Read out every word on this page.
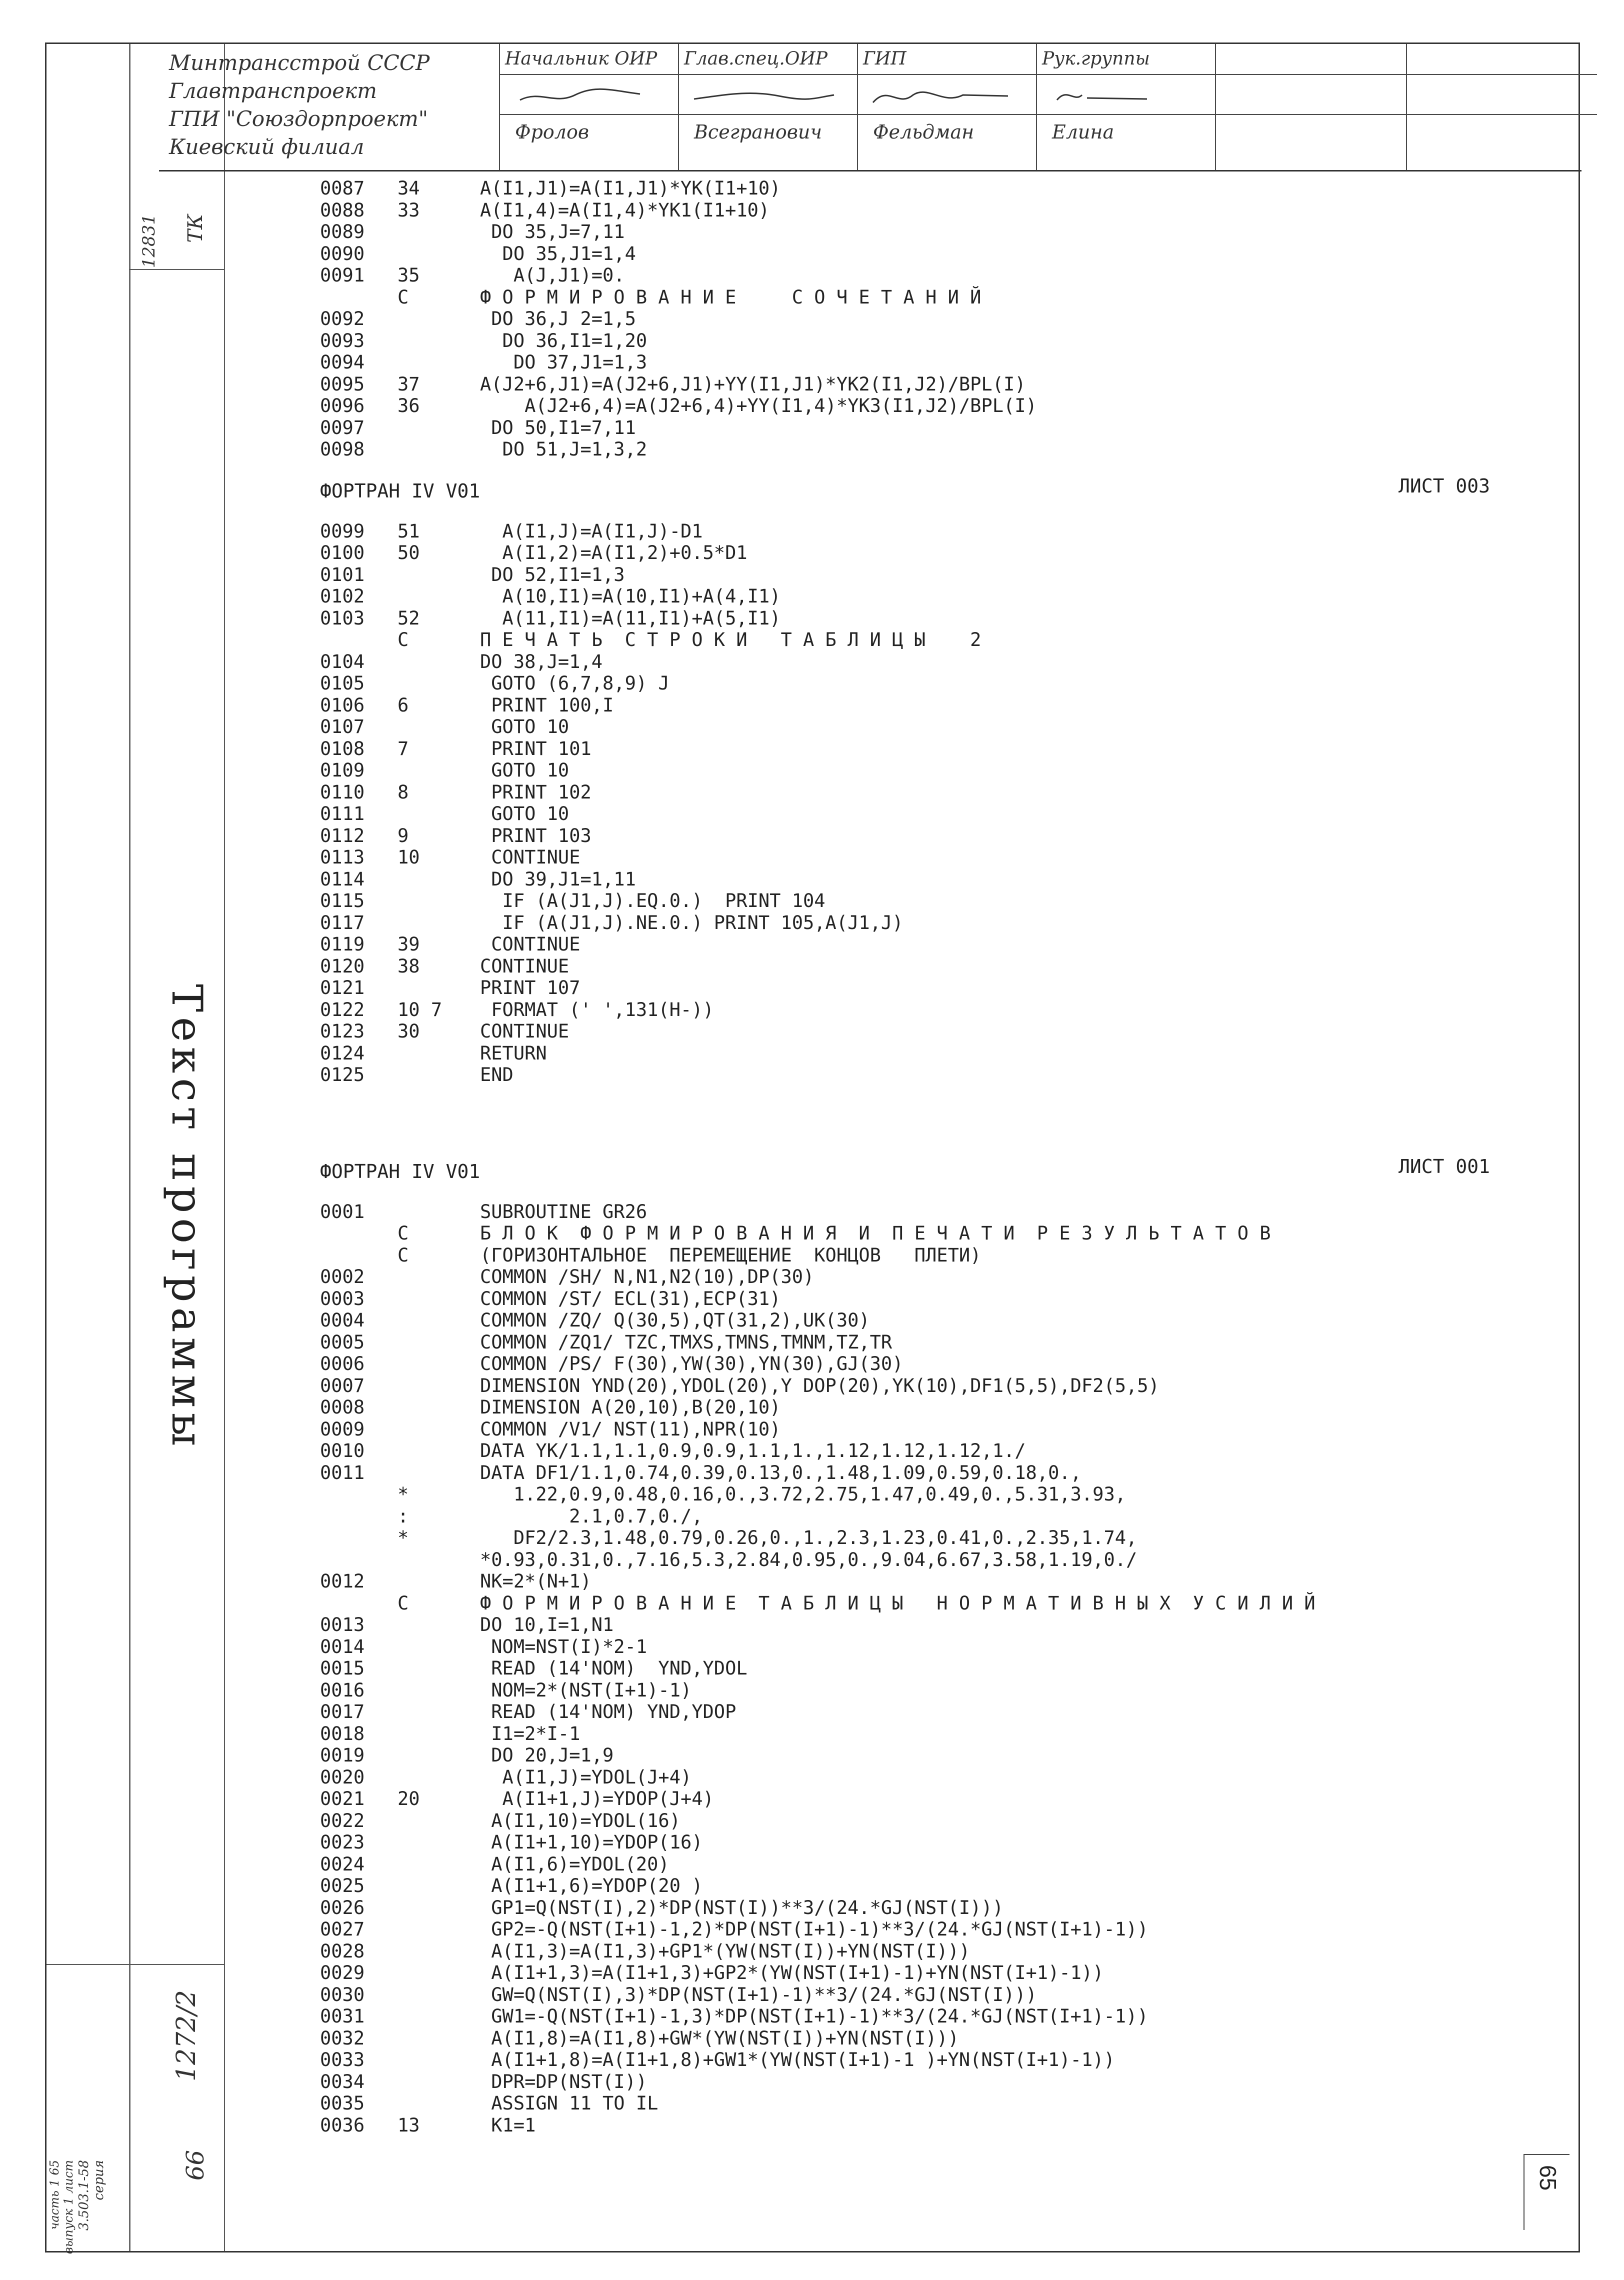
Минтрансстрой СССР
Главтранспроект
ГПИ "Союздорпроект"
Киевский филиал
Начальник ОИР
Фролов
Глав.спец.ОИР
Всегранович
ГИП
Фельдман
Рук.группы
Елина
12831 ТК
Текст программы
1272/2
66
серия
3.503.1-58
выпуск 1 лист
часть 1 65	65
0087	34	A(I1,J1)=A(I1,J1)*YK(I1+10)
0088	33	A(I1,4)=A(I1,4)*YK1(I1+10)
0089	DO 35,J=7,11
0090	DO 35,J1=1,4
0091	35	A(J,J1)=0.
C	Ф О Р М И Р О В А Н И Е     С О Ч Е Т А Н И Й
0092	DO 36,J 2=1,5
0093	DO 36,I1=1,20
0094	DO 37,J1=1,3
0095	37	A(J2+6,J1)=A(J2+6,J1)+YY(I1,J1)*YK2(I1,J2)/BPL(I)
0096	36	A(J2+6,4)=A(J2+6,4)+YY(I1,4)*YK3(I1,J2)/BPL(I)
0097	DO 50,I1=7,11
0098	DO 51,J=1,3,2
ФОРТРАН IV V01	ЛИСТ 003
0099	51	A(I1,J)=A(I1,J)-D1
0100	50	A(I1,2)=A(I1,2)+0.5*D1
0101	DO 52,I1=1,3
0102	A(10,I1)=A(10,I1)+A(4,I1)
0103	52	A(11,I1)=A(11,I1)+A(5,I1)
C	П Е Ч А Т Ь  С Т Р О К И   Т А Б Л И Ц Ы    2
0104	DO 38,J=1,4
0105	GOTO (6,7,8,9) J
0106	6	PRINT 100,I
0107	GOTO 10
0108	7	PRINT 101
0109	GOTO 10
0110	8	PRINT 102
0111	GOTO 10
0112	9	PRINT 103
0113	10	CONTINUE
0114	DO 39,J1=1,11
0115	IF (A(J1,J).EQ.0.)  PRINT 104
0117	IF (A(J1,J).NE.0.) PRINT 105,A(J1,J)
0119	39	CONTINUE
0120	38	CONTINUE
0121	PRINT 107
0122	10 7	FORMAT (' ',131(H-))
0123	30	CONTINUE
0124	RETURN
0125	END
ФОРТРАН IV V01	ЛИСТ 001
0001	SUBROUTINE GR26
C	Б Л О К  Ф О Р М И Р О В А Н И Я  И  П Е Ч А Т И  Р Е З У Л Ь Т А Т О В
C	(ГОРИЗОНТАЛЬНОЕ  ПЕРЕМЕЩЕНИЕ  КОНЦОВ   ПЛЕТИ)
0002	COMMON /SH/ N,N1,N2(10),DP(30)
0003	COMMON /ST/ ECL(31),ECP(31)
0004	COMMON /ZQ/ Q(30,5),QT(31,2),UK(30)
0005	COMMON /ZQ1/ TZC,TMXS,TMNS,TMNM,TZ,TR
0006	COMMON /PS/ F(30),YW(30),YN(30),GJ(30)
0007	DIMENSION YND(20),YDOL(20),Y DOP(20),YK(10),DF1(5,5),DF2(5,5)
0008	DIMENSION A(20,10),B(20,10)
0009	COMMON /V1/ NST(11),NPR(10)
0010	DATA YK/1.1,1.1,0.9,0.9,1.1,1.,1.12,1.12,1.12,1./
0011	DATA DF1/1.1,0.74,0.39,0.13,0.,1.48,1.09,0.59,0.18,0.,
*	1.22,0.9,0.48,0.16,0.,3.72,2.75,1.47,0.49,0.,5.31,3.93,
:	2.1,0.7,0./,
*	DF2/2.3,1.48,0.79,0.26,0.,1.,2.3,1.23,0.41,0.,2.35,1.74,
*0.93,0.31,0.,7.16,5.3,2.84,0.95,0.,9.04,6.67,3.58,1.19,0./
0012	NK=2*(N+1)
C	Ф О Р М И Р О В А Н И Е  Т А Б Л И Ц Ы   Н О Р М А Т И В Н Ы Х  У С И Л И Й
0013	DO 10,I=1,N1
0014	NOM=NST(I)*2-1
0015	READ (14'NOM)  YND,YDOL
0016	NOM=2*(NST(I+1)-1)
0017	READ (14'NOM) YND,YDOP
0018	I1=2*I-1
0019	DO 20,J=1,9
0020	A(I1,J)=YDOL(J+4)
0021	20	A(I1+1,J)=YDOP(J+4)
0022	A(I1,10)=YDOL(16)
0023	A(I1+1,10)=YDOP(16)
0024	A(I1,6)=YDOL(20)
0025	A(I1+1,6)=YDOP(20 )
0026	GP1=Q(NST(I),2)*DP(NST(I))**3/(24.*GJ(NST(I)))
0027	GP2=-Q(NST(I+1)-1,2)*DP(NST(I+1)-1)**3/(24.*GJ(NST(I+1)-1))
0028	A(I1,3)=A(I1,3)+GP1*(YW(NST(I))+YN(NST(I)))
0029	A(I1+1,3)=A(I1+1,3)+GP2*(YW(NST(I+1)-1)+YN(NST(I+1)-1))
0030	GW=Q(NST(I),3)*DP(NST(I+1)-1)**3/(24.*GJ(NST(I)))
0031	GW1=-Q(NST(I+1)-1,3)*DP(NST(I+1)-1)**3/(24.*GJ(NST(I+1)-1))
0032	A(I1,8)=A(I1,8)+GW*(YW(NST(I))+YN(NST(I)))
0033	A(I1+1,8)=A(I1+1,8)+GW1*(YW(NST(I+1)-1 )+YN(NST(I+1)-1))
0034	DPR=DP(NST(I))
0035	ASSIGN 11 TO IL
0036	13	K1=1
